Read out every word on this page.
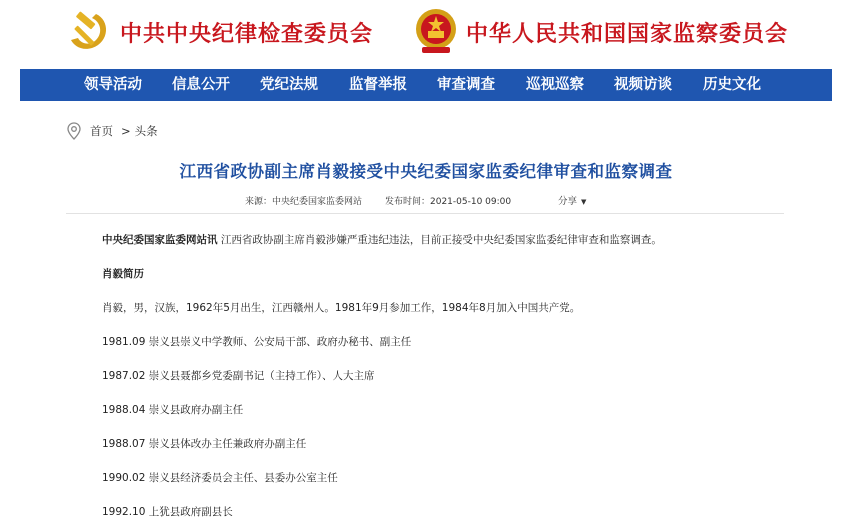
中共中央纪律检查委员会	中华人民共和国国家监察委员会
领导活动 信息公开 党纪法规 监督举报 审查调查 巡视巡察 视频访谈 历史文化
首页 > 头条
江西省政协副主席肖毅接受中央纪委国家监委纪律审查和监察调查
来源：中央纪委国家监委网站	发布时间：2021-05-10 09:00	分享 ▼
中央纪委国家监委网站讯 江西省政协副主席肖毅涉嫌严重违纪违法，目前正接受中央纪委国家监委纪律审查和监察调查。
肖毅简历
肖毅，男，汉族，1962年5月出生，江西赣州人。1981年9月参加工作，1984年8月加入中国共产党。
1981.09 崇义县崇义中学教师、公安局干部、政府办秘书、副主任
1987.02 崇义县聂都乡党委副书记（主持工作）、人大主席
1988.04 崇义县政府办副主任
1988.07 崇义县体改办主任兼政府办副主任
1990.02 崇义县经济委员会主任、县委办公室主任
1992.10 上犹县政府副县长
